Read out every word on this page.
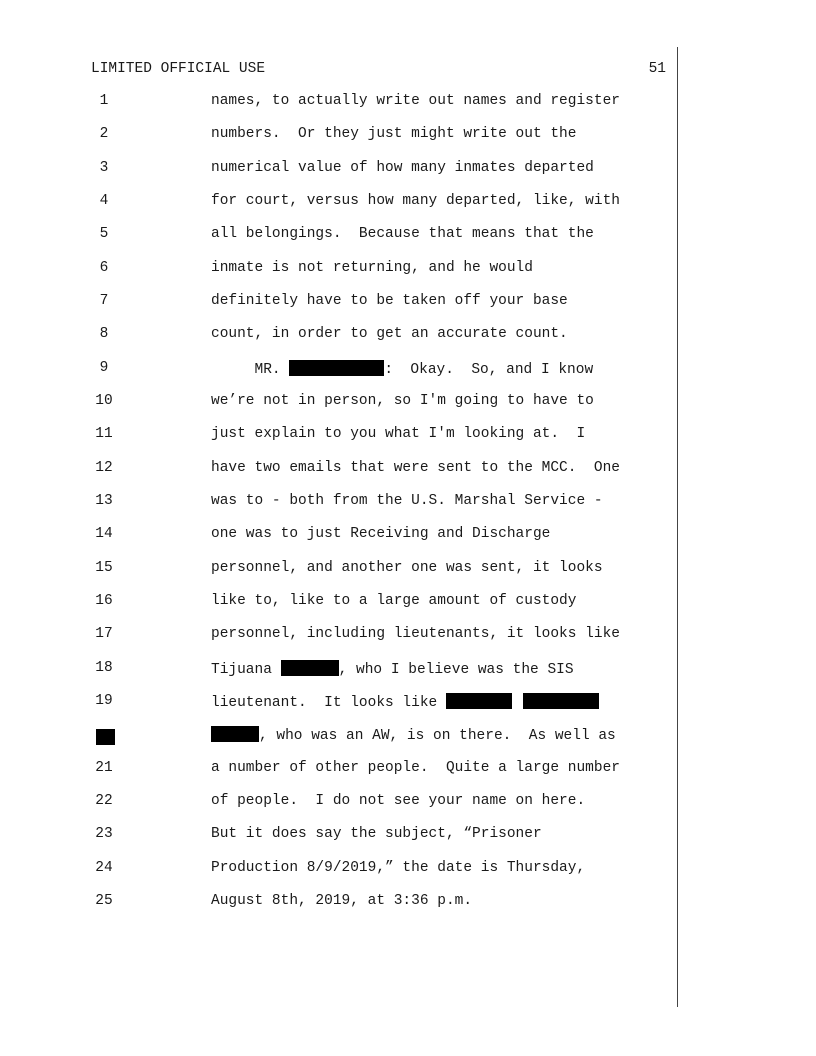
LIMITED OFFICIAL USE	51
1	names, to actually write out names and register
2	numbers.  Or they just might write out the
3	numerical value of how many inmates departed
4	for court, versus how many departed, like, with
5	all belongings.  Because that means that the
6	inmate is not returning, and he would
7	definitely have to be taken off your base
8	count, in order to get an accurate count.
9	MR.	:  Okay.  So, and I know
10	we’re not in person, so I'm going to have to
11	just explain to you what I'm looking at.  I
12	have two emails that were sent to the MCC.  One
13	was to - both from the U.S. Marshal Service -
14	one was to just Receiving and Discharge
15	personnel, and another one was sent, it looks
16	like to, like to a large amount of custody
17	personnel, including lieutenants, it looks like
18	Tijuana	, who I believe was the SIS
19	lieutenant.  It looks like
, who was an AW, is on there.  As well as
21	a number of other people.  Quite a large number
22	of people.  I do not see your name on here.
23	But it does say the subject, “Prisoner
24	Production 8/9/2019,” the date is Thursday,
25	August 8th, 2019, at 3:36 p.m.
